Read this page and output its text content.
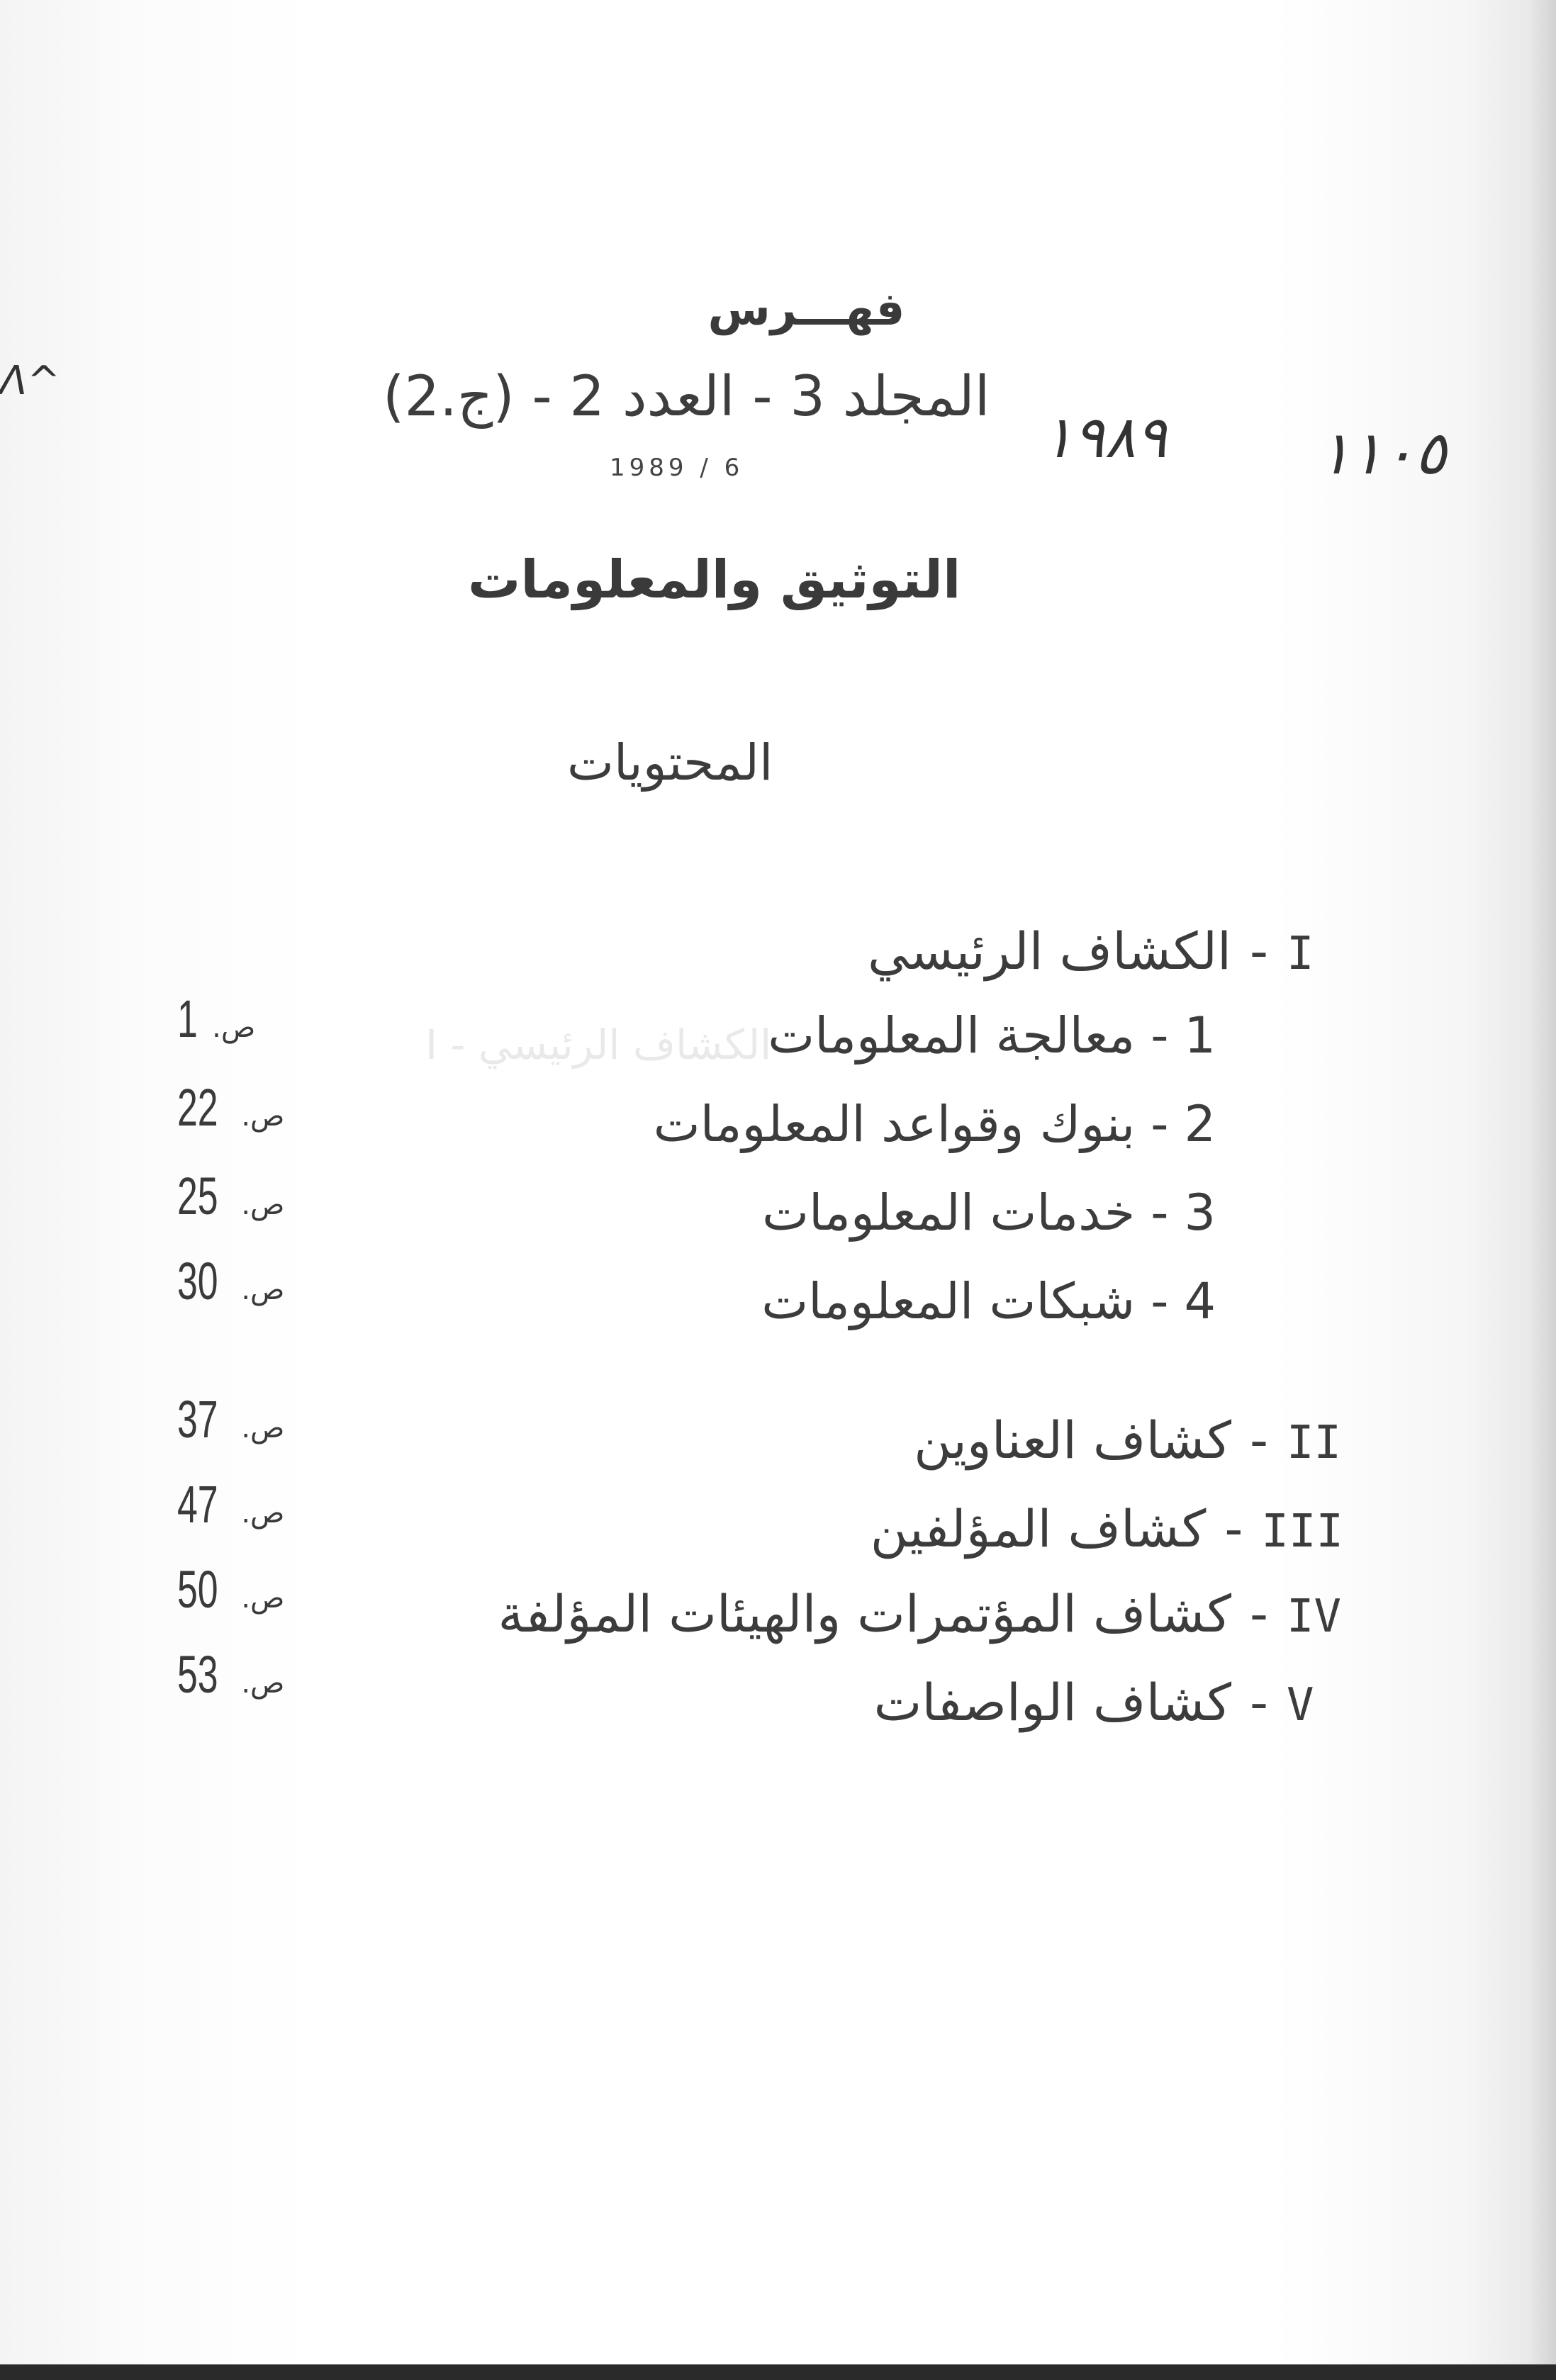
Λ^
١٩٨٩	١١٠٥
فهـــرس
المجلد 3 - العدد 2 - (ج.2)
1989 / 6
التوثيق والمعلومات
المحتويات
I - الكشاف الرئيسي
I
-
الكشاف الرئيسي
1
-
معالجة المعلومات
1 ص.
2
-
بنوك وقواعد المعلومات
22 ص.
3
-
خدمات المعلومات
25 ص.
4
-
شبكات المعلومات
30 ص.
II
-
كشاف العناوين
37 ص.
III
-
كشاف المؤلفين
47 ص.
IV
-
كشاف المؤتمرات والهيئات المؤلفة
50 ص.
V
-
كشاف الواصفات
53 ص.
